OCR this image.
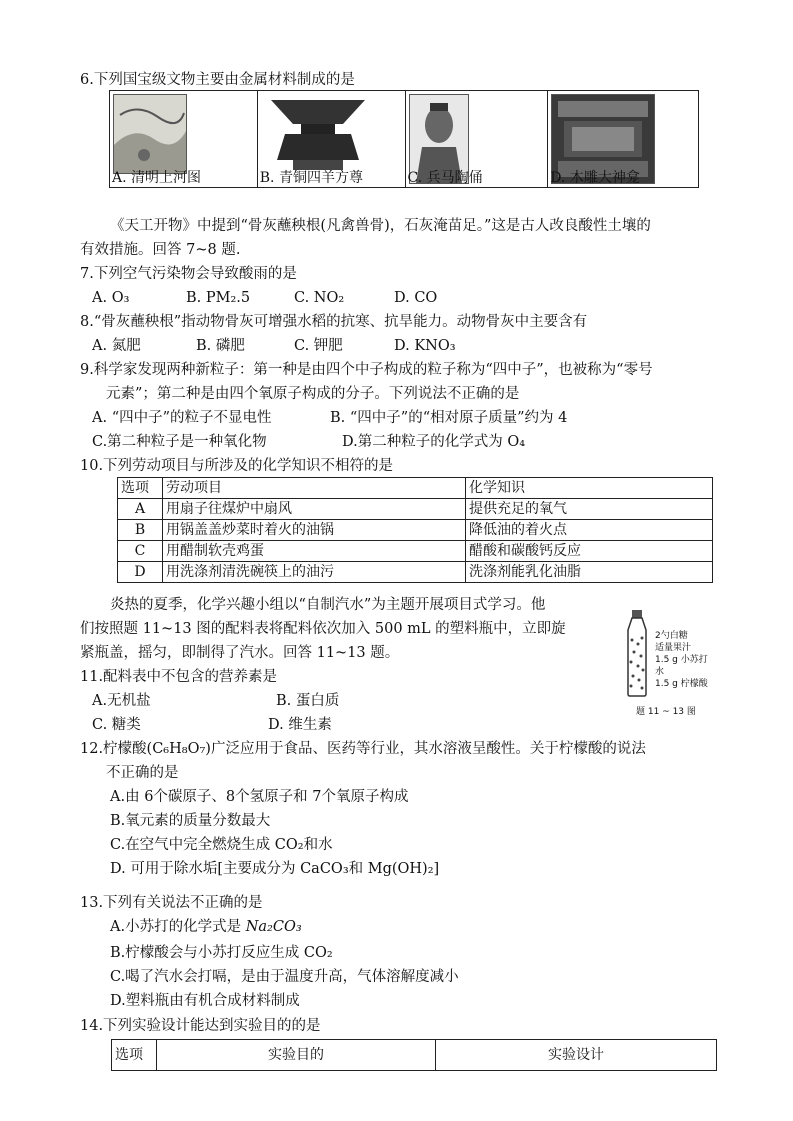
6.下列国宝级文物主要由金属材料制成的是
A. 清明上河图	B. 青铜四羊方尊	C. 兵马陶俑	D. 木雕大神龛
《天工开物》中提到“骨灰蘸秧根(凡禽兽骨)，石灰淹苗足。”这是古人改良酸性土壤的
有效措施。回答 7~8 题.
7.下列空气污染物会导致酸雨的是
A. O₃	B. PM₂.5	C. NO₂	D. CO
8.“骨灰蘸秧根”指动物骨灰可增强水稻的抗寒、抗旱能力。动物骨灰中主要含有
A. 氮肥	B. 磷肥	C. 钾肥	D. KNO₃
9.科学家发现两种新粒子：第一种是由四个中子构成的粒子称为“四中子”，也被称为“零号
元素”；第二种是由四个氧原子构成的分子。下列说法不正确的是
A. “四中子”的粒子不显电性	B. “四中子”的“相对原子质量”约为 4
C.第二种粒子是一种氧化物	D.第二种粒子的化学式为 O₄
10.下列劳动项目与所涉及的化学知识不相符的是
选项	劳动项目	化学知识
A	用扇子往煤炉中扇风	提供充足的氧气
B	用锅盖盖炒菜时着火的油锅	降低油的着火点
C	用醋制软壳鸡蛋	醋酸和碳酸钙反应
D	用洗涤剂清洗碗筷上的油污	洗涤剂能乳化油脂
炎热的夏季，化学兴趣小组以“自制汽水”为主题开展项目式学习。他
们按照题 11~13 图的配料表将配料依次加入 500 mL 的塑料瓶中，立即旋
紧瓶盖，摇匀，即制得了汽水。回答 11~13 题。
2勺白糖
适量果汁
1.5 g 小苏打
水
1.5 g 柠檬酸
题 11 ~ 13 图
11.配料表中不包含的营养素是
A.无机盐	B. 蛋白质
C. 糖类	D. 维生素
12.柠檬酸(C₆H₈O₇)广泛应用于食品、医药等行业，其水溶液呈酸性。关于柠檬酸的说法
不正确的是
A.由 6个碳原子、8个氢原子和 7个氧原子构成
B.氧元素的质量分数最大
C.在空气中完全燃烧生成 CO₂和水
D. 可用于除水垢[主要成分为 CaCO₃和 Mg(OH)₂]
13.下列有关说法不正确的是
A.小苏打的化学式是 Na₂CO₃
B.柠檬酸会与小苏打反应生成 CO₂
C.喝了汽水会打嗝，是由于温度升高，气体溶解度减小
D.塑料瓶由有机合成材料制成
14.下列实验设计能达到实验目的的是
选项	实验目的	实验设计
